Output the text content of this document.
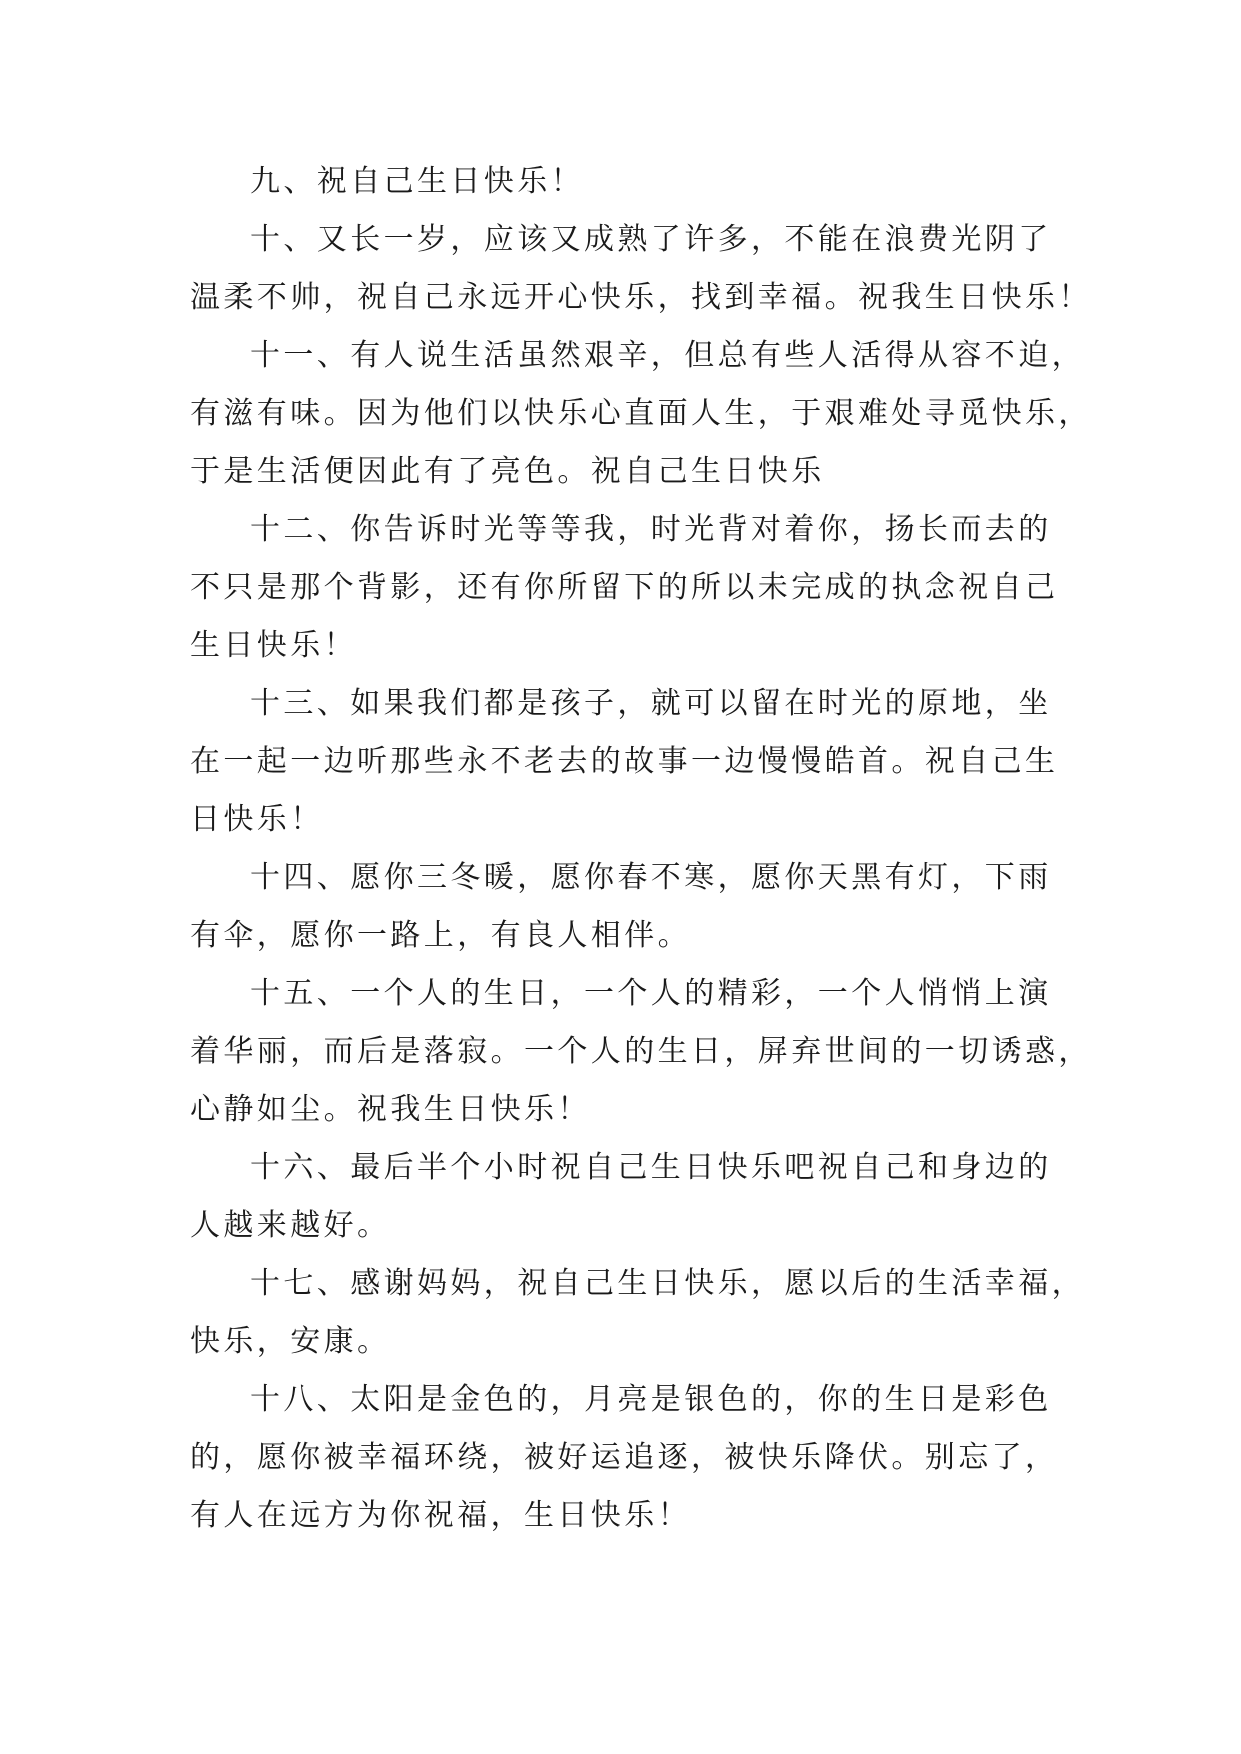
九、祝自己生日快乐！

十、又长一岁，应该又成熟了许多，不能在浪费光阴了
温柔不帅，祝自己永远开心快乐，找到幸福。祝我生日快乐！

十一、有人说生活虽然艰辛，但总有些人活得从容不迫，
有滋有味。因为他们以快乐心直面人生，于艰难处寻觅快乐，
于是生活便因此有了亮色。祝自己生日快乐

十二、你告诉时光等等我，时光背对着你，扬长而去的
不只是那个背影，还有你所留下的所以未完成的执念祝自己
生日快乐！

十三、如果我们都是孩子，就可以留在时光的原地，坐
在一起一边听那些永不老去的故事一边慢慢皓首。祝自己生
日快乐！

十四、愿你三冬暖，愿你春不寒，愿你天黑有灯，下雨
有伞，愿你一路上，有良人相伴。

十五、一个人的生日，一个人的精彩，一个人悄悄上演
着华丽，而后是落寂。一个人的生日，屏弃世间的一切诱惑，
心静如尘。祝我生日快乐！

十六、最后半个小时祝自己生日快乐吧祝自己和身边的
人越来越好。

十七、感谢妈妈，祝自己生日快乐，愿以后的生活幸福，
快乐，安康。

十八、太阳是金色的，月亮是银色的，你的生日是彩色
的，愿你被幸福环绕，被好运追逐，被快乐降伏。别忘了，
有人在远方为你祝福，生日快乐！
